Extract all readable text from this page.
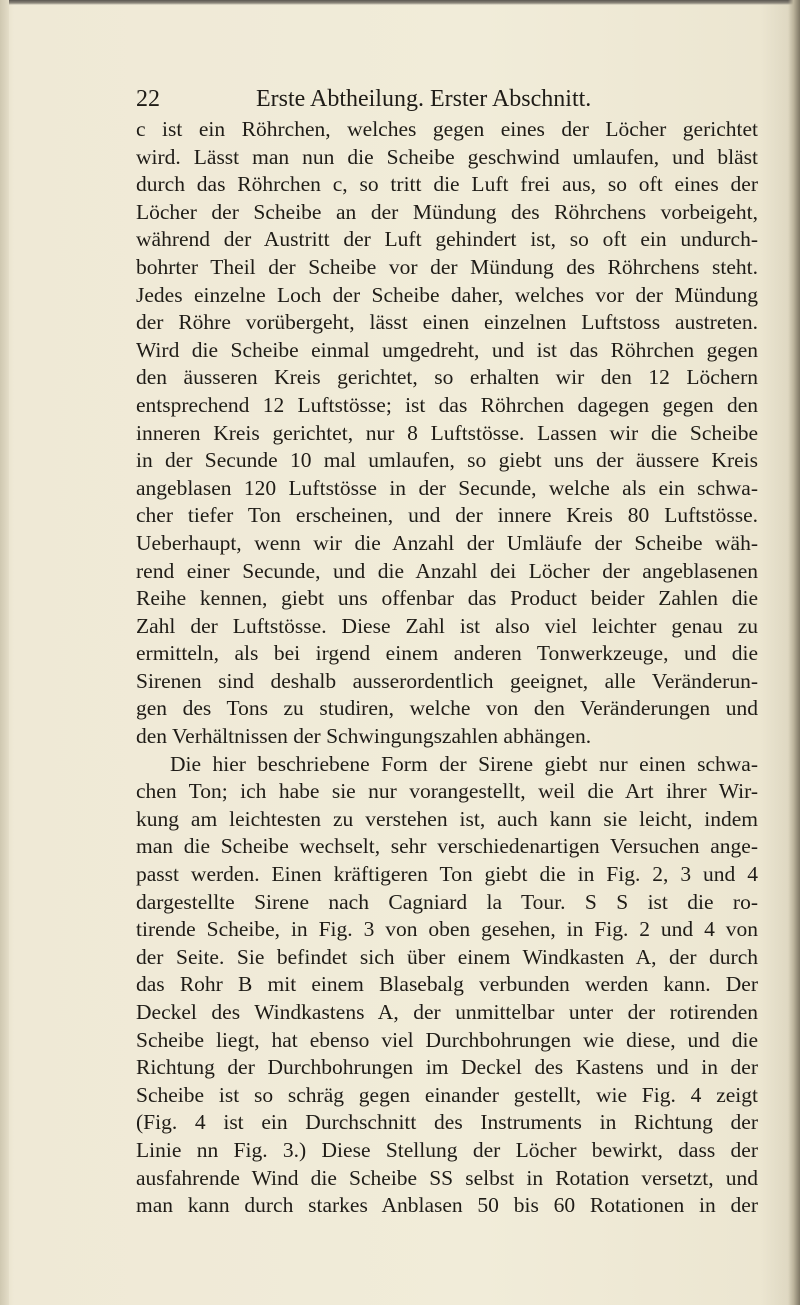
22	Erste Abtheilung. Erster Abschnitt.
c ist ein Röhrchen, welches gegen eines der Löcher gerichtet
wird. Lässt man nun die Scheibe geschwind umlaufen, und bläst
durch das Röhrchen c, so tritt die Luft frei aus, so oft eines der
Löcher der Scheibe an der Mündung des Röhrchens vorbeigeht,
während der Austritt der Luft gehindert ist, so oft ein undurch-
bohrter Theil der Scheibe vor der Mündung des Röhrchens steht.
Jedes einzelne Loch der Scheibe daher, welches vor der Mündung
der Röhre vorübergeht, lässt einen einzelnen Luftstoss austreten.
Wird die Scheibe einmal umgedreht, und ist das Röhrchen gegen
den äusseren Kreis gerichtet, so erhalten wir den 12 Löchern
entsprechend 12 Luftstösse; ist das Röhrchen dagegen gegen den
inneren Kreis gerichtet, nur 8 Luftstösse. Lassen wir die Scheibe
in der Secunde 10 mal umlaufen, so giebt uns der äussere Kreis
angeblasen 120 Luftstösse in der Secunde, welche als ein schwa-
cher tiefer Ton erscheinen, und der innere Kreis 80 Luftstösse.
Ueberhaupt, wenn wir die Anzahl der Umläufe der Scheibe wäh-
rend einer Secunde, und die Anzahl dei Löcher der angeblasenen
Reihe kennen, giebt uns offenbar das Product beider Zahlen die
Zahl der Luftstösse. Diese Zahl ist also viel leichter genau zu
ermitteln, als bei irgend einem anderen Tonwerkzeuge, und die
Sirenen sind deshalb ausserordentlich geeignet, alle Veränderun-
gen des Tons zu studiren, welche von den Veränderungen und
den Verhältnissen der Schwingungszahlen abhängen.
Die hier beschriebene Form der Sirene giebt nur einen schwa-
chen Ton; ich habe sie nur vorangestellt, weil die Art ihrer Wir-
kung am leichtesten zu verstehen ist, auch kann sie leicht, indem
man die Scheibe wechselt, sehr verschiedenartigen Versuchen ange-
passt werden. Einen kräftigeren Ton giebt die in Fig. 2, 3 und 4
dargestellte Sirene nach Cagniard la Tour. S S ist die ro-
tirende Scheibe, in Fig. 3 von oben gesehen, in Fig. 2 und 4 von
der Seite. Sie befindet sich über einem Windkasten A, der durch
das Rohr B mit einem Blasebalg verbunden werden kann. Der
Deckel des Windkastens A, der unmittelbar unter der rotirenden
Scheibe liegt, hat ebenso viel Durchbohrungen wie diese, und die
Richtung der Durchbohrungen im Deckel des Kastens und in der
Scheibe ist so schräg gegen einander gestellt, wie Fig. 4 zeigt
(Fig. 4 ist ein Durchschnitt des Instruments in Richtung der
Linie nn Fig. 3.) Diese Stellung der Löcher bewirkt, dass der
ausfahrende Wind die Scheibe SS selbst in Rotation versetzt, und
man kann durch starkes Anblasen 50 bis 60 Rotationen in der
